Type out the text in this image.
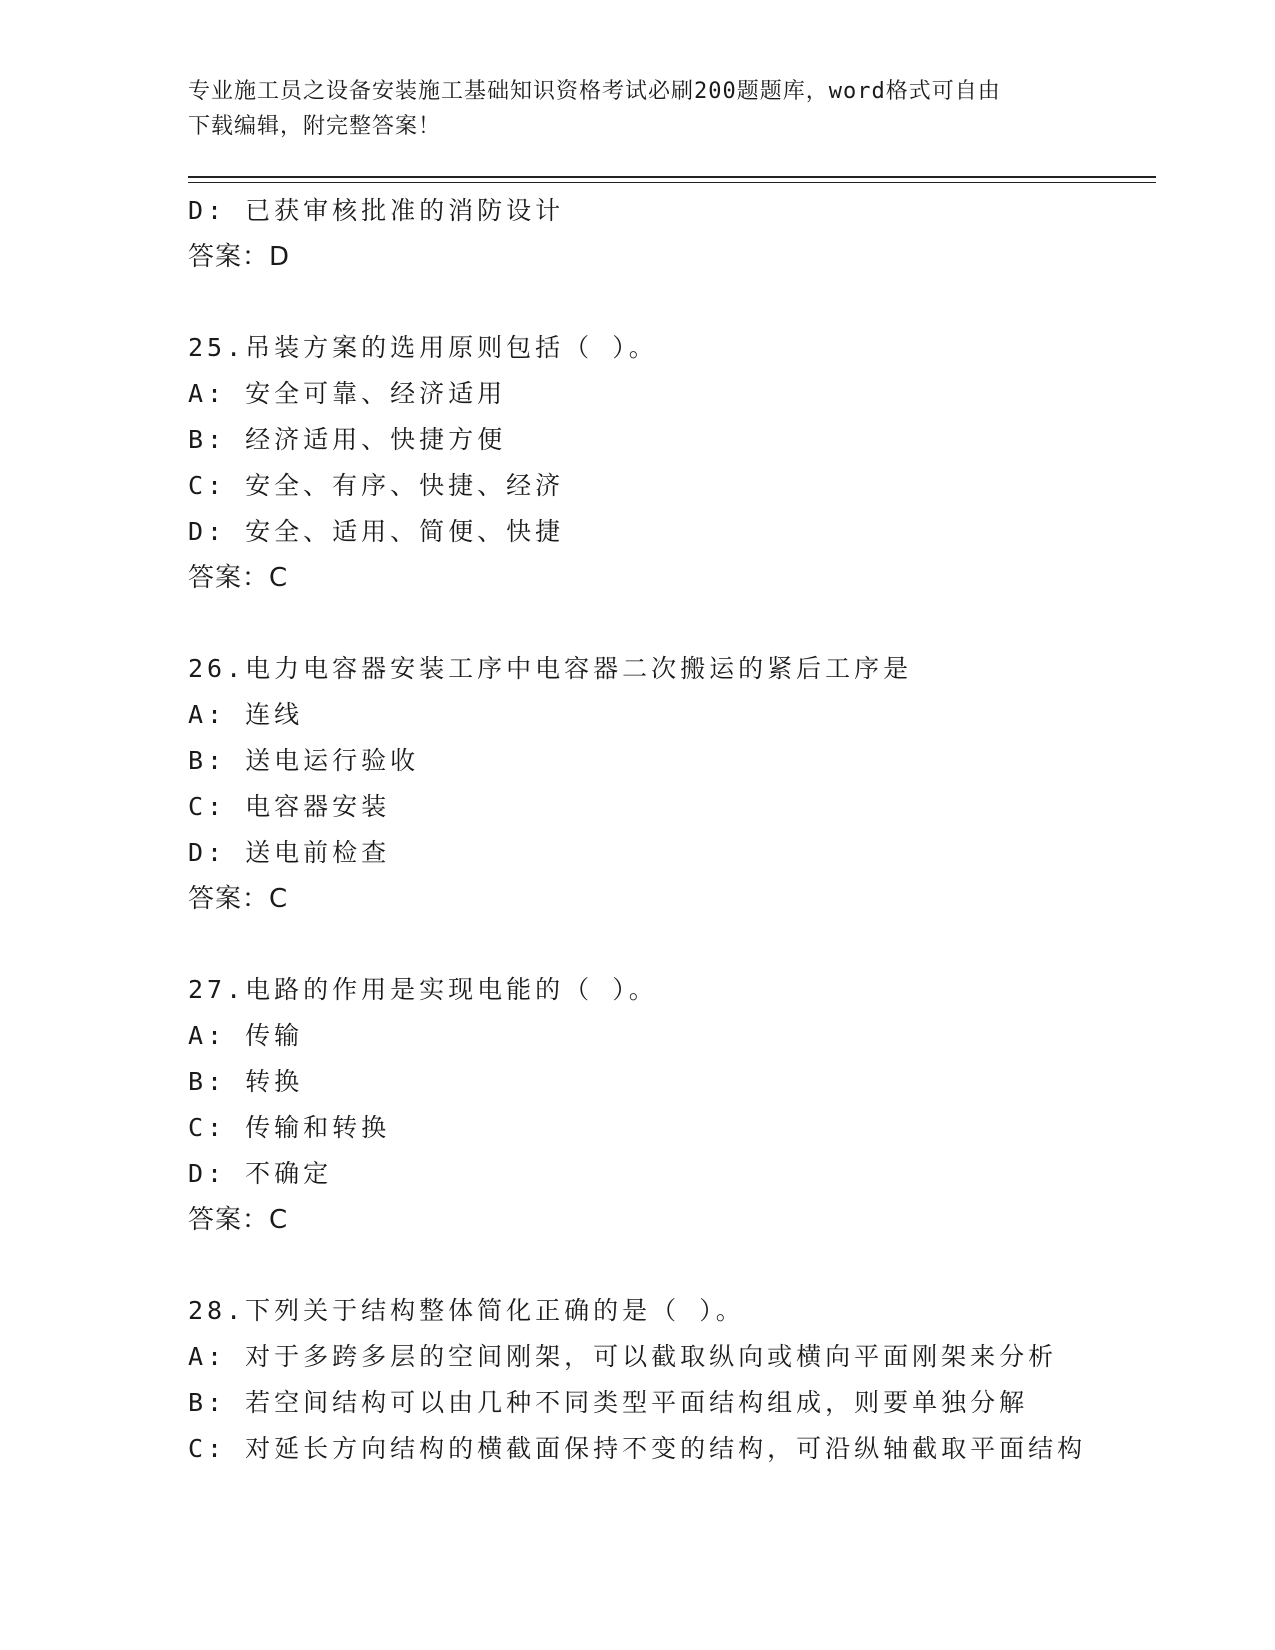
专业施工员之设备安装施工基础知识资格考试必刷200题题库，word格式可自由
下载编辑，附完整答案！
D: 已获审核批准的消防设计
答案：D
25.吊装方案的选用原则包括（ ）。
A: 安全可靠、经济适用
B: 经济适用、快捷方便
C: 安全、有序、快捷、经济
D: 安全、适用、简便、快捷
答案：C
26.电力电容器安装工序中电容器二次搬运的紧后工序是
A: 连线
B: 送电运行验收
C: 电容器安装
D: 送电前检查
答案：C
27.电路的作用是实现电能的（ ）。
A: 传输
B: 转换
C: 传输和转换
D: 不确定
答案：C
28.下列关于结构整体简化正确的是（ ）。
A: 对于多跨多层的空间刚架，可以截取纵向或横向平面刚架来分析
B: 若空间结构可以由几种不同类型平面结构组成，则要单独分解
C: 对延长方向结构的横截面保持不变的结构，可沿纵轴截取平面结构
